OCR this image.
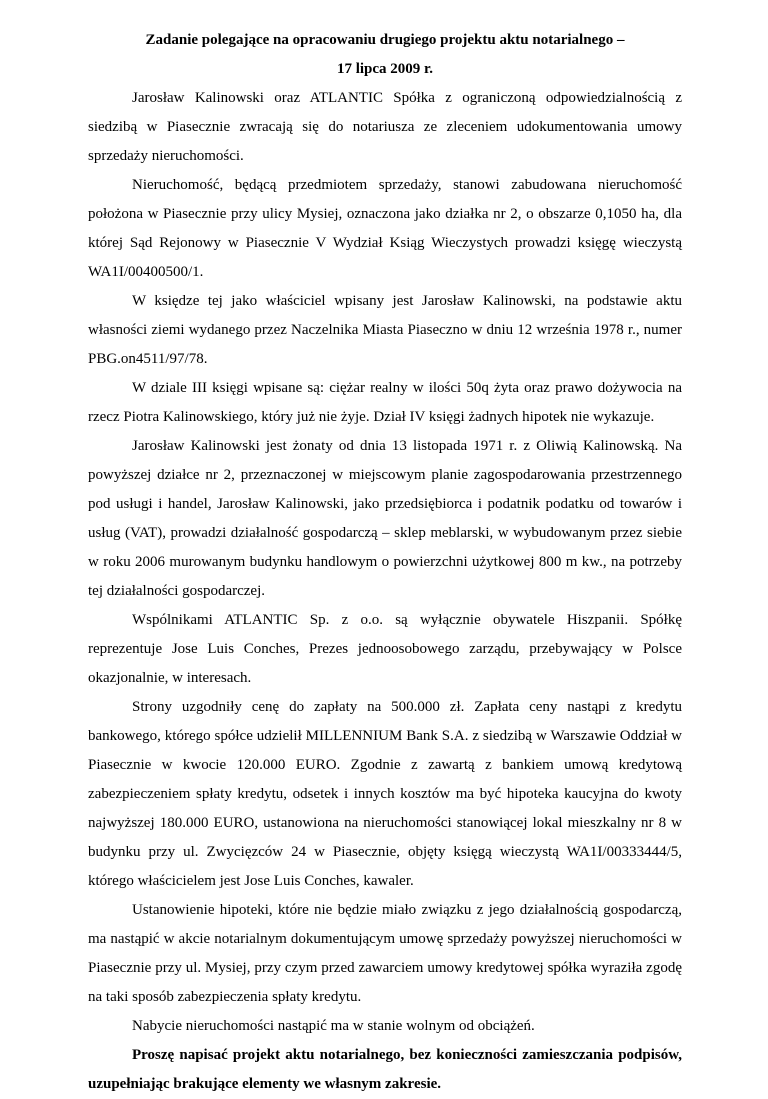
Zadanie polegające na opracowaniu drugiego projektu aktu notarialnego –

17 lipca 2009 r.

Jarosław Kalinowski oraz ATLANTIC Spółka z ograniczoną odpowiedzialnością z siedzibą w Piasecznie zwracają się do notariusza ze zleceniem udokumentowania umowy sprzedaży nieruchomości.

Nieruchomość, będącą przedmiotem sprzedaży, stanowi zabudowana nieruchomość położona w Piasecznie przy ulicy Mysiej, oznaczona jako działka nr 2, o obszarze 0,1050 ha, dla której Sąd Rejonowy w Piasecznie V Wydział Ksiąg Wieczystych prowadzi księgę wieczystą WA1I/00400500/1.

W księdze tej jako właściciel wpisany jest Jarosław Kalinowski, na podstawie aktu własności ziemi wydanego przez Naczelnika Miasta Piaseczno w dniu 12 września 1978 r., numer PBG.on4511/97/78.

W dziale III księgi wpisane są: ciężar realny w ilości 50q żyta oraz prawo dożywocia na rzecz Piotra Kalinowskiego, który już nie żyje. Dział IV księgi żadnych hipotek nie wykazuje.

Jarosław Kalinowski jest żonaty od dnia 13 listopada 1971 r. z Oliwią Kalinowską. Na powyższej działce nr 2, przeznaczonej w miejscowym planie zagospodarowania przestrzennego pod usługi i handel, Jarosław Kalinowski, jako przedsiębiorca i podatnik podatku od towarów i usług (VAT), prowadzi działalność gospodarczą – sklep meblarski, w wybudowanym przez siebie w roku 2006 murowanym budynku handlowym o powierzchni użytkowej 800 m kw., na potrzeby tej działalności gospodarczej.

Wspólnikami ATLANTIC Sp. z o.o. są wyłącznie obywatele Hiszpanii. Spółkę reprezentuje Jose Luis Conches, Prezes jednoosobowego zarządu, przebywający w Polsce okazjonalnie, w interesach.

Strony uzgodniły cenę do zapłaty na 500.000 zł. Zapłata ceny nastąpi z kredytu bankowego, którego spółce udzielił MILLENNIUM Bank S.A. z siedzibą w Warszawie Oddział w Piasecznie w kwocie 120.000 EURO. Zgodnie z zawartą z bankiem umową kredytową zabezpieczeniem spłaty kredytu, odsetek i innych kosztów ma być hipoteka kaucyjna do kwoty najwyższej 180.000 EURO, ustanowiona na nieruchomości stanowiącej lokal mieszkalny nr 8 w budynku przy ul. Zwycięzców 24 w Piasecznie, objęty księgą wieczystą WA1I/00333444/5, którego właścicielem jest Jose Luis Conches, kawaler.

Ustanowienie hipoteki, które nie będzie miało związku z jego działalnością gospodarczą, ma nastąpić w akcie notarialnym dokumentującym umowę sprzedaży powyższej nieruchomości w Piasecznie przy ul. Mysiej, przy czym przed zawarciem umowy kredytowej spółka wyraziła zgodę na taki sposób zabezpieczenia spłaty kredytu.

Nabycie nieruchomości nastąpić ma w stanie wolnym od obciążeń.

Proszę napisać projekt aktu notarialnego, bez konieczności zamieszczania podpisów, uzupełniając brakujące elementy we własnym zakresie.
